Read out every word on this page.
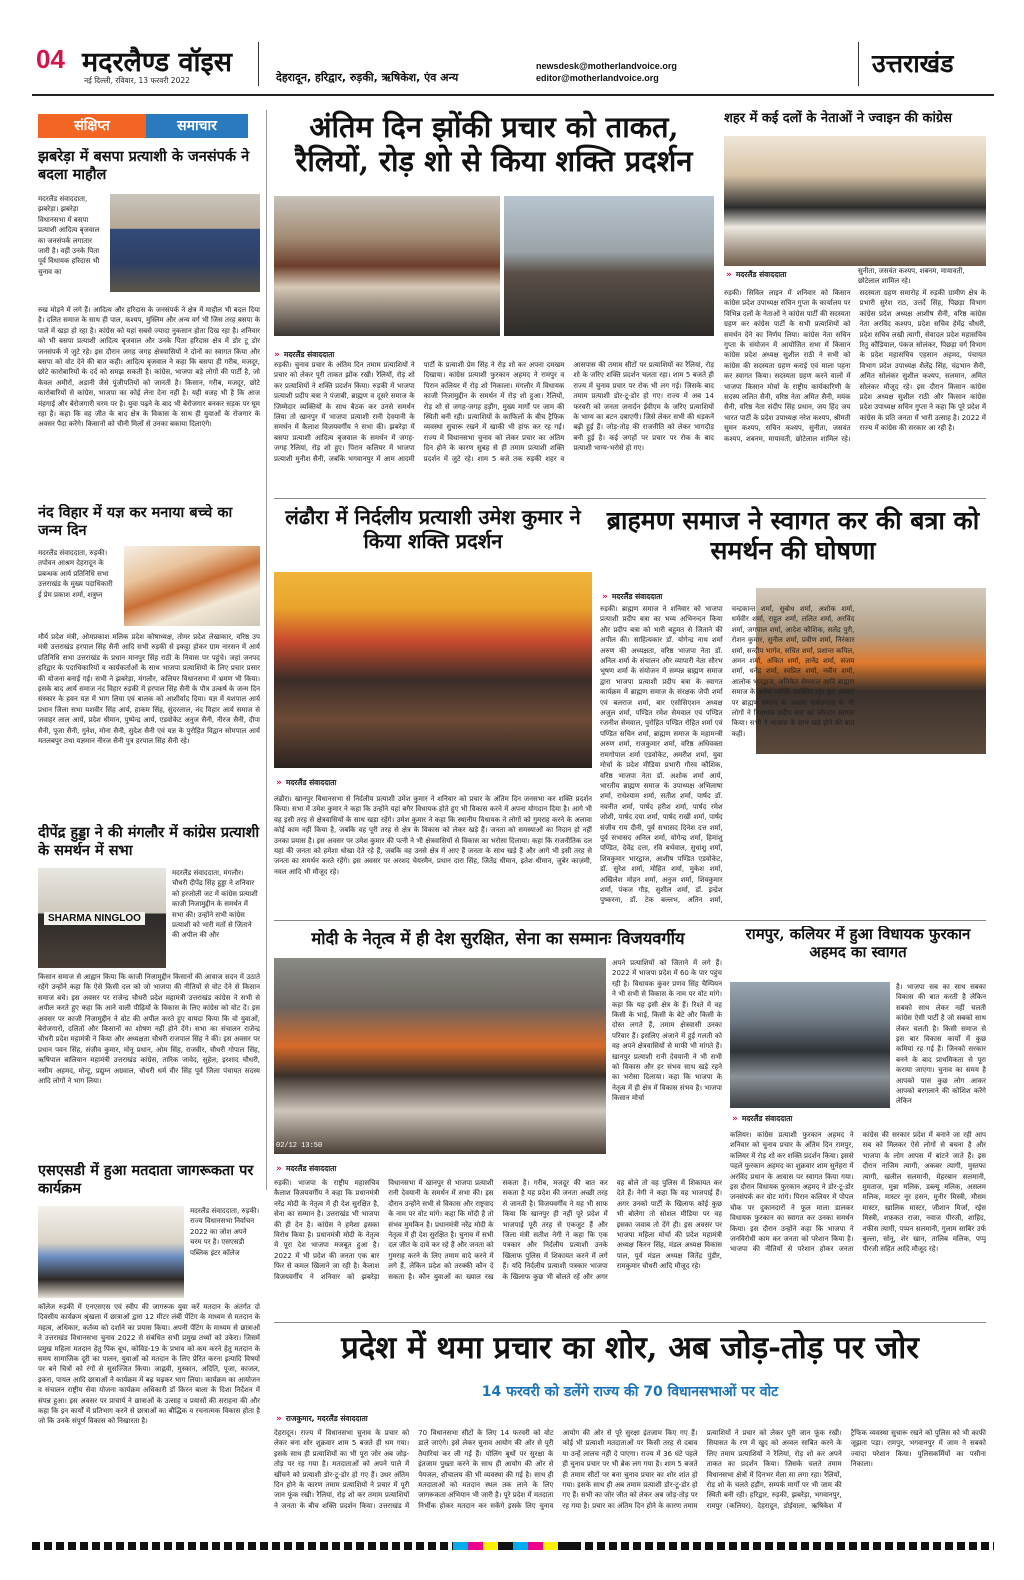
04 मदरलैण्ड वॉइस
नई दिल्ली, रविवार, 13 फरवरी 2022	देहरादून, हरिद्वार, रुड़की, ऋषिकेश, एंव अन्य
newsdesk@motherlandvoice.org
editor@motherlandvoice.org	उत्तराखंड
संक्षिप्त	समाचार
झबरेड़ा में बसपा प्रत्याशी के जनसंपर्क ने बदला माहौल
मदरलैंड संवाददाता, झबरेड़ा। झबरेड़ा विधानसभा में बसपा प्रत्याशी आदित्य बृजवाल का जनसंपर्क लगातार जारी है। वहीं उनके पिता पूर्व विधायक हरिदास भी चुनाव का
रुख मोड़ने में लगे हैं। आदित्य और हरिदास के जनसंपर्क ने क्षेत्र में माहौल भी बदल दिया है। दलित समाज के साथ ही पाल, कश्यप, मुस्लिम और अन्य वर्ग भी जिस तरह बसपा के पाले में खड़ा हो रहा है। कांग्रेस को यहां सबसे ज्यादा नुकसान होता दिख रहा है। शनिवार को भी बसपा प्रत्याशी आदित्य बृजवाल और उनके पिता हरिदास क्षेत्र में डोर टू डोर जनसंपर्क में जुटे रहे। इस दौरान जगह जगह क्षेत्रवासियों ने दोनों का स्वागत किया और बसपा को वोट देने की बात कही। आदित्य बृजवाल ने कहा कि बसपा ही गरीब, मजदूर, छोटे कारोबारियों के दर्द को समझ सकती है। कांग्रेस, भाजपा बड़े लोगों की पार्टी है, जो केवल अमीरों, अडानी जैसे पूंजीपतियों को जानती है। किसान, गरीब, मजदूर, छोटे कारोबारियों से कांग्रेस, भाजपा का कोई लेना देना नहीं है। यही वजह भी है कि आज मंहगाई और बेरोजगारी चरम पर है। युवा पढ़ने के बाद भी बेरोजगार बनकर सड़क पर घूम रहा है। कहा कि वह जीत के बाद क्षेत्र के विकास के साथ ही युवाओं के रोजगार के अवसर पैदा करेंगे। किसानों को चीनी मिलों से उनका बकाया दिलाएंगे।
नंद विहार में यज्ञ कर मनाया बच्चे का जन्म दिन
मदरलैंड संवाददाता, रुड़की। तपोवन आश्रम देहरादून के प्रबन्धक आर्य प्रतिनिधि सभा उत्तराखंड के मुख्य पदाधिकारी ई प्रेम प्रकाश शर्मा, शत्रुघ्न
मौर्य प्रदेश मंत्री, ओमप्रकाश मलिक प्रदेश कोषाध्यक्ष, तोमर प्रदेश लेखाकार, वरिष्ठ उप मंत्री उत्तराखंड हरपाल सिंह सैनी आदि सभी रुड़की से इकट्ठा होकर ग्राम नारसन में आर्य प्रतिनिधि सभा उत्तराखंड के प्रधान मानपुर सिंह राठी के निवास पर पहुंचे। जहां जनपद हरिद्वार के पदाधिकारियों व कार्यकर्ताओं के साथ भाजपा प्रत्याशियों के लिए प्रचार प्रसार की योजना बनाई गई। सभी ने झबरेड़ा, मंगलौर, कलियर विधानसभा में भ्रमण भी किया। इसके बाद आर्य समाज नंद विहार रुड़की में हरपाल सिंह सैनी के पौत्र उत्कर्ष के जन्म दिन संस्कार के हवन यज्ञ में भाग लिया एवं बालक को आशीर्वाद दिया। यज्ञ में यशपाल आर्य प्रधान जिला सभा यशवीर सिंह आर्य, हाकम सिंह, सुंदरलाल, नंद विहार आर्य समाज से जवाहर लाल आर्य, प्रदेश धीमान, पुष्पेन्द्र आर्य, एडवोकेट अनुज सैनी, नीरज सैनी, दीपा सैनी, पूजा सैनी, गुनेश, मोना सैनी, सुदेश सैनी एवं यज्ञ के पुरोहित विद्वान सोमपाल आर्य मतलबपुर तथा यज्ञमान नीरज सैनी पुत्र हरपाल सिंह सैनी रहे।
दीपेंद्र हुड्डा ने की मंगलौर में कांग्रेस प्रत्याशी के समर्थन में सभा
SHARMA NINGLOO
मदरलैंड संवाददाता, मंगलौर। चौधरी दीपेंद्र सिंह हुड्डा ने शनिवार को हरजोली जट में कांग्रेस प्रत्याशी काजी निजामुद्दीन के समर्थन में सभा की। उन्होंने सभी कांग्रेस प्रत्याशी को भारी मतों से जिताने की अपील की और
किसान समाज से आह्वान किया कि काजी निजामुद्दीन किसानों की आवाज सदन में उठाते रहेंगे उन्होंने कहा कि ऐसे किसी दल को जो भाजपा की नीतियों से वोट देने से किसान समाज बचे। इस अवसर पर राजेन्द्र चौधरी प्रदेश महामंत्री उत्तराखंड कांग्रेस ने सभी से अपील करते हुए कहा कि आने वाली पीढ़ियों के विकास के लिए कांग्रेस को वोट दें। इस अवसर पर काजी निजामुद्दीन ने वोट की अपील करते हुए वायदा किया कि वो युवाओं, बेरोजगारों, दलितों और किसानों का शोषण नहीं होने देंगे। सभा का संचालन राजेन्द्र चौधरी प्रदेश महामंत्री ने किया और अध्यक्षता चौधरी राजपाल सिंह ने की। इस अवसर पर प्रधान पवन सिंह, संजीव कुमार, मोनू प्रधान, ओम सिंह, राजवीर, चौधरी गोपाल सिंह, ऋषिपाल बालियान महामंत्री उत्तराखंड कांग्रेस, तारिक जावेद, सुहेल, इरशाद चौधरी, नसीम अहमद, मोन्टू, प्रद्युम्न अग्रवाल, चौधरी धर्म वीर सिंह पूर्व जिला पंचायत सदस्य आदि लोगों ने भाग लिया।
एसएसडी में हुआ मतदाता जागरूकता पर कार्यक्रम
मदरलैंड संवाददाता, रुड़की। राज्य विधानसभा निर्वाचन 2022 का जोश अपने चरम पर है। एसएसडी पब्लिक इंटर कॉलेज
कॉलेज रुड़की में एनएसएस एवं स्वीप की जागरूक युवा करें मतदान के अंतर्गत दो दिवसीय कार्यक्रम श्रृंखला में छात्राओं द्वारा 12 मीटर लंबी पेंटिंग के माध्यम से मतदान के महत्व, अधिकार, कर्तव्य को दर्शाने का प्रयास किया। अपनी पेंटिंग के माध्यम से छात्राओं ने उत्तराखंड विधानसभा चुनाव 2022 से संबंधित सभी प्रमुख तथ्यों को उकेरा। जिसमें प्रमुख महिला मतदान हेतु पिंक बूथ, कोविड-19 के प्रभाव को कम करने हेतु मतदान के समय सामाजिक दूरी का पालन, युवाओं को मतदान के लिए प्रेरित करना इत्यादि विषयों पर बने चित्रों को रंगों से सुसज्जित किया। जाह्नवी, मुस्कान, अदिति, पूजा, काजल, इकरा, पायल आदि छात्राओं ने कार्यक्रम में बढ़ चढ़कर भाग लिया। कार्यक्रम का आयोजन व संचालन राष्ट्रीय सेवा योजना कार्यक्रम अधिकारी डॉ किरन बाला के दिशा निर्देशन में संपन्न हुआ। इस अवसर पर प्राचार्य ने छात्राओं के उत्साह व प्रयासों की सराहना की और कहा कि इन कार्यों में प्रतिभाग करने से छात्राओं का बौद्धिक व रचनात्मक विकास होता है जो कि उनके संपूर्ण विकास को निखारता है।
अंतिम दिन झोंकी प्रचार को ताकत, रैलियों, रोड़ शो से किया शक्ति प्रदर्शन
» मदरलैंड संवाददाता
रुड़की। चुनाव प्रचार के अंतिम दिन तमाम प्रत्याशियों ने प्रचार को लेकर पूरी ताकत झोंक रखी। रैलियों, रोड़ शो कर प्रत्याशियों ने शक्ति प्रदर्शन किया। रुड़की में भाजपा प्रत्याशी प्रदीप बत्रा ने पंजाबी, ब्राह्मण व दूसरे समाज के जिम्मेदार व्यक्तियों के साथ बैठक कर उनसे समर्थन लिया तो खानपुर में भाजपा प्रत्याशी रानी देवयानी के समर्थन में कैलाश विजयवर्गीय ने सभा की। झबरेड़ा में बसपा प्रत्याशी आदित्य बृजवाल के समर्थन में जगह-जगह रैलियां, रोड़ शो हुए। पिरान कलियर में भाजपा प्रत्याशी मुनीश सैनी, जबकि भगवानपुर में आम आदमी पार्टी के प्रत्याशी प्रेम सिंह ने रोड़ शो कर अपना दमखम दिखाया। कांग्रेस प्रत्याशी फुरकान अहमद ने रामपुर व पिरान कलियर में रोड़ शो निकाला। मंगलौर में विधायक काजी निजामुद्दीन के समर्थन में रोड़ शो हुआ। रैलियों, रोड़ शो से जगह-जगह हड़ौंग, मुख्य मार्गों पर जाम की स्थिती बनी रही। प्रत्याशियों के काफिलों के बीच ट्रैफिक व्यवस्था सुचारू रखने में खाकी भी हांफ कर रह गई। राज्य में विधानसभा चुनाव को लेकर प्रचार का अंतिम दिन होने के कारण सुबह से ही तमाम प्रत्याशी शक्ति प्रदर्शन में जुटे रहे। शाम 5 बजे तक रुड़की शहर व आसपास की तमाम सीटों पर प्रत्याशियों का रैलियां, रोड़ शो के जरिए शक्ति प्रदर्शन चलता रहा। शाम 5 बजते ही राज्य में चुनाव प्रचार पर रोक भी लग गई। जिसके बाद तमाम प्रत्याशी डोर-टू-डोर हो गए। राज्य में अब 14 फरवरी को जनता जनार्दन ईवीएम के जरिए प्रत्याशियों के भाग्य का बटन दबाएगी। जिसे लेकर सभी की धड़कनें बढ़ी हुई हैं। जोड़-तोड़ की राजनीति को लेकर भागदौड़ बनी हुई है। कई जगहों पर प्रचार पर रोक के बाद प्रत्याशी भाग्य-भरोसे हो गए।
शहर में कई दलों के नेताओं ने ज्वाइन की कांग्रेस
» मदरलैंड संवाददाता	सुनीता, जसवंत कश्यप, शबनम, मायावती, छोटेलाल शामिल रहे।
रुड़की। सिविल लाइन में शनिवार को किसान कांग्रेस प्रदेश उपाध्यक्ष सचिन गुप्ता के कार्यालय पर विभिन्न दलों के नेताओं ने कांग्रेस पार्टी की सदस्यता ग्रहण कर कांग्रेस पार्टी के सभी प्रत्याशियों को समर्थन देने का निर्णय लिया। कांग्रेस नेता सचिन गुप्ता के संयोजन में आयोजित सभा में किसान कांग्रेस प्रदेश अध्यक्ष सुशील राठी ने सभी को कांग्रेस की सदस्यता ग्रहण कराई एवं माला पहना कर स्वागत किया। सदस्यता ग्रहण करने वालों में भाजपा किसान मोर्चा के राष्ट्रीय कार्यकारिणी के सदस्य ललित सैनी, वरिष्ठ नेता अमित सैनी, मयंक सैनी, वरिष्ठ नेता संदीप सिंह प्रधान, जय हिंद जय भारत पार्टी के प्रदेश उपाध्यक्ष नरेश कश्यप, श्रीमती सुमन कश्यप, सचिन कश्यप, सुनीता, जसवंत कश्यप, शबनम, मायावती, छोटेलाल शामिल रहे। सदस्यता ग्रहण समारोह में रुड़की ग्रामीण क्षेत्र के प्रभारी सुरेश राठ, उत्तर्दे सिंह, पिछड़ा विभाग कांग्रेस प्रदेश अध्यक्ष आशीष सैनी, वरिष्ठ कांग्रेस नेता अरविंद कश्यप, प्रदेश सचिव हेमेंद्र चौधरी, प्रदेश सचिव लखी त्यागी, सेवादल प्रदेश महासचिव रितु कौंडियाल, पंकज सोलंकर, पिछड़ा वर्ग विभाग के प्रदेश महासचिव एहसान अहमद, पंचायत विभाग प्रदेश उपाध्यक्ष शैलेंद्र सिंह, चंद्रभान सैनी, अमित सोलंकर सुशील कश्यप, सलमान, अमित सोलंकर मौजूद रहे। इस दौरान किसान कांग्रेस प्रदेश अध्यक्ष सुशील राठी और किसान कांग्रेस प्रदेश उपाध्यक्ष सचिन गुप्ता ने कहा कि पूरे प्रदेश में कांग्रेस के प्रति जनता में भारी उत्साह है। 2022 में राज्य में कांग्रेस की सरकार आ रही है।
लंढौरा में निर्दलीय प्रत्याशी उमेश कुमार ने किया शक्ति प्रदर्शन
» मदरलैंड संवाददाता
लंढौरा। खानपुर विधानसभा से निर्दलीय प्रत्याशी उमेश कुमार ने शनिवार को प्रचार के अंतिम दिन जनसभा कर शक्ति प्रदर्शन किया। सभा में उमेश कुमार ने कहा कि उन्होंने यहां बगैर विधायक होते हुए भी विकास करने में अपना योगदान दिया है। आगे भी वह इसी तरह से क्षेत्रवासियों के साथ खड़ा रहेंगे। उमेश कुमार ने कहा कि स्थानीय विधायक ने लोगों को गुमराह करने के अलावा कोई काम नहीं किया है, जबकि वह पूरी तरह से क्षेत्र के विकास को लेकर खड़े हैं। जनता को समस्याओं का निदान हो नहीं उनका प्रयास है। इस अवसर पर उमेश कुमार की पत्नी ने भी क्षेत्रवासियों से विकास का भरोसा दिलाया। कहा कि राजनीतिक दल यहां की जनता को हमेशा धोखा देते रहे हैं, जबकि वह उनसे क्षेत्र में आए हैं जनता के साथ खड़े हैं और आगे भी इसी तरह से जनता का समर्थन करते रहेंगे। इस अवसर पर अरशद चेयरमैन, प्रधान दारा सिंह, जितेंद्र धीमान, इतेश धीमान, जुबेर काज़मी, नवल आदि भी मौजूद रहे।
ब्राहमण समाज ने स्वागत कर की बत्रा को समर्थन की घोषणा
» मदरलैंड संवाददाता
रुड़की। ब्राह्मण समाज ने शनिवार को भाजपा प्रत्याशी प्रदीप बत्रा का भव्य अभिनन्दन किया और प्रदीप बत्रा को भारी बहुमत से जिताने की अपील की। साहित्यकार डॉ. योगेन्द्र नाथ शर्मा अरुण की अध्यक्षता, वरिष्ठ भाजपा नेता डॉ. अनिल शर्मा के संचालन और व्यापारी नेता सौरभ भूषण शर्मा के संयोजन में सम्पन्न ब्राह्मण समाज द्वारा भाजपा प्रत्याशी प्रदीप बत्रा के स्वागत कार्यक्रम में ब्राह्मण समाज के संरक्षक जेपी शर्मा एवं बलराज शर्मा, बार एसोसिएशन अध्यक्ष अजुल शर्मा, पण्डित रमेश सेमवाल एवं पण्डित रजनीश सेमवाल, पुरोहित पण्डित रोहित शर्मा एवं पण्डित सचिन शर्मा, ब्राह्मण समाज के महामन्त्री अरुण शर्मा, राजकुमार शर्मा, वरिष्ठ अधिवक्ता रामगोपाल शर्मा एडवोकेट, अमरीश शर्मा, युवा मोर्चा के प्रदेश मीडिया प्रभारी गौरव कौशिक, वरिष्ठ भाजपा नेता डॉ. अशोक शर्मा आर्य, भारतीय ब्राह्मण समाज के उपाध्यक्ष अभिलाषा शर्मा, राधेश्याम शर्मा, सतीश शर्मा, पार्षद डॉ. नवनीत शर्मा, पार्षद हरीश शर्मा, पार्षद रमेश जोशी, पार्षद दया शर्मा, पार्षद राखी शर्मा, पार्षद संजीव राय दीनी, पूर्व सभासद दिनेश दत्त शर्मा, पूर्व सभासद अनिल शर्मा, योगेन्द्र शर्मा, हिमांशु पण्डित, देवेंद्र दत्ता, रवि बर्थवाल, सुधांशु शर्मा, शिवकुमार भारद्वाज, आशीष पण्डित एडवोकेट, डॉ. सुरेश शर्मा, मोहित शर्मा, मुकेश शर्मा, अखिलेश मोहन शर्मा, अनुज शर्मा, शिवकुमार शर्मा, पंकज गौड़, सुशील शर्मा, डॉ. इन्द्रेश पुष्करना, डॉ. टेक बल्लभ, अतिन शर्मा, चन्द्रकान्त शर्मा, सुबोध शर्मा, अशोक शर्मा, धर्मवीर शर्मा, राहुल शर्मा, ललित शर्मा, अरविंद शर्मा, जगपाल शर्मा, आदेश कौशिक, सलेंद्र पुरी, रोशन कुमार, सुनील शर्मा, प्रवीण शर्मा, निरंकार शर्मा, सन्दीप भार्गव, सचित शर्मा, प्रशान्त कपिल, अमन शर्मा, अंकित शर्मा, ज्ञानेंद्र शर्मा, संजय शर्मा, धनेंद्र शर्मा, स्वप्निल शर्मा, नवीन शर्मा, आलोक भारद्वाज, अनिकेत सेमवाल आदि ब्राह्मण समाज के अनेक व्यक्ति उपस्थित रहे। इस अवसर पर ब्राह्मण समाज के अलावा सर्वसमाज के भी लोगों ने विधायक प्रदीप बत्रा का जोरदार स्वागत किया। सभी ने भाजपा के साथ खड़े होने की बात कही।
मोदी के नेतृत्व में ही देश सुरक्षित, सेना का सम्मानः विजयवर्गीय
02/12 13:50
अपने प्रत्याशियों को जिताने में लगे हैं। 2022 में भाजपा प्रदेश में 60 के पार पहुंच रही है। विधायक कुंवर प्रणव सिंह चैम्पियन ने भी सभी से विकास के नाम पर वोट मांगे। कहा कि यह इसी क्षेत्र के हैं। रिश्ते में वह किसी के भाई, किसी के बेटे और किसी के दोस्त लगते हैं, तमाम क्षेत्रवासी उनका परिवार हैं। इसलिए अंजाने में हुई गलती को वह अपने क्षेत्रवासियों से माफी भी मांगते हैं। खानपुर प्रत्याशी रानी देवयानी ने भी सभी को विकास और हर संभव साथ खड़े रहने का भरोसा दिलाया। कहा कि भाजपा के नेतृत्व में ही क्षेत्र में विकास संभव है। भाजपा किसान मोर्चा
» मदरलैंड संवाददाता
रुड़की। भाजपा के राष्ट्रीय महासचिव कैलाश विजयवर्गीय ने कहा कि प्रधानमंत्री नरेंद्र मोदी के नेतृत्व में ही देश सुरक्षित है, सेना का सम्मान है। उत्तराखंड भी भाजपा की ही देन है। कांग्रेस ने हमेशा इसका विरोध किया है। प्रधानमंत्री मोदी के नेतृत्व में पूरा देश भाजपा मजबूत हुआ है। 2022 में भी प्रदेश की जनता एक बार फिर से कमल खिलाने जा रही है। कैलाश विजयवर्गीय ने शनिवार को झबरेड़ा विधानसभा में खानपुर से भाजपा प्रत्याशी रानी देवयानी के समर्थन में सभा की। इस दौरान उन्होंने सभी से विकास और राष्ट्रवाद के नाम पर वोट मांगे। कहा कि मोदी है तो संभव मुमकिन है। प्रधानमंत्री नरेंद्र मोदी के नेतृत्व में ही देश सुरक्षित है। चुनाव में सभी दल जीत के दावे कर रहे हैं और जनता को गुमराह करने के लिए तमाम वादे करने में लगे हैं, लेकिन प्रदेश को तरक्की कौन दे सकता है। कौन युवाओं का ख्याल रख सकता है। गरीब, मजदूर की बात कर सकता है यह प्रदेश की जनता अच्छी तरह से जानती है। विजयवर्गीय ने यह भी साफ किया कि खानपुर ही नहीं पूरे प्रदेश में भाजपाई पूरी तरह से एकजुट हैं और जिला मंत्री सतीश नेगी ने कहा कि एक पत्रकार और निर्दलीय प्रत्याशी उनके खिलाफ पुलिस में शिकायत करने में लगे हैं। यदि निर्दलीय प्रत्याशी पत्रकार भाजपा के खिलाफ कुछ भी बोलते रहें और अगर वह बोले तो वह पुलिस में शिकायत कर देते हैं। नेगी ने कहा कि यह भाजपाई हैं। अगर उनको पार्टी के खिलाफ कोई कुछ भी बोलेगा तो सोशल मीडिया पर वह इसका जवाब तो देंगे ही। इस अवसर पर भाजपा महिला मोर्चा की प्रदेश महामंत्री अध्यक्ष किरन सिंह, मंडल अध्यक्ष विकास पाल, पूर्व मंडल अध्यक्ष जितेंद्र पुंडीर, रामकुमार चौधरी आदि मौजूद रहे।
रामपुर, कलियर में हुआ विधायक फुरकान अहमद का स्वागत
है। भाजपा सब का साथ सबका विकास की बात करती है लेकिन सबको साथ लेकर नहीं चलती कांग्रेस ऐसी पार्टी है जो सबको साथ लेकर चलती है। किसी समाज से इस बार विकास कार्यों में कुछ कमियां रह गई हैं। जिनको सरकार बनने के बाद प्राथमिकता से पूरा कराया जाएगा। चुनाव का समय है आपको पास कुछ लोग आकर आपको बरगलाने की कोशिश करेंगे लेकिन
» मदरलैंड संवाददाता
कलियर। कांग्रेस प्रत्याशी फुरकान अहमद ने शनिवार को चुनाव प्रचार के अंतिम दिन रामपुर, कलियर में रोड़ शो कर शक्ति प्रदर्शन किया। इससे पहले फुरकान अहमद का शुक्रवार शाम सुनेहरा में अरविंद प्रधान के आवास पर स्वागत किया गया। इस दौरान विधायक फुरकान अहमद ने डोर-टू-डोर जनसंपर्क कर वोट मांगे। पिरान कलियर में पोपल चौक पर दुकानदारों ने फूल माला डालकर विधायक फुरकान का स्वागत कर उनका समर्थन किया। इस दौरान उन्होंने कहा कि भाजपा ने जनविरोधी काम कर जनता को परेशान किया है। भाजपा की नीतियों से परेशान होकर जनता कांग्रेस की सरकार प्रदेश में बनाने जा रही आप सब को मिलकर ऐसे लोगों से बचना है और भाजपा के लोग आपस में बांटने जाते हैं। इस दौरान नाजिम त्यागी, अकबर त्यागी, मुस्तफा त्यागी, खलील सलमानी, मेहरबान सलमानी, मुमताज, मुन्ना मलिक, डब्ल्यू मलिक, असलम मलिक, मास्टर नूर हसन, मुनीर मिस्त्री, मौसम मास्टर, खालिक मास्टर, जीशान मिर्जा, रईस मिस्त्री, शफ़कत राजा, नवाज पीरजी, शाहिद, नफीस त्यागी, पप्पन सलमानी, गुलाम साबिर उर्फ बुल्ला, सोनू, शेर खान, तालिब मलिक, पप्पू पीरजी सहित आदि मौजूद रहे।
प्रदेश में थमा प्रचार का शोर, अब जोड़-तोड़ पर जोर
14 फरवरी को डलेंगे राज्य की 70 विधानसभाओं पर वोट
» राजकुमार, मदरलैंड संवाददाता
देहरादून। राज्य में विधानसभा चुनाव के प्रचार को लेकर बना शोर शुक्रवार शाम 5 बजते ही थम गया। इसके साथ ही प्रत्याशियों का भी पूरा जोर अब जोड़-तोड़ पर रह गया है। मतदाताओं को अपने पाले में खींचने को प्रत्याशी डोर-टू-डोर हो गए हैं। उधर अंतिम दिन होने के कारण तमाम प्रत्याशियों ने प्रचार में पूरी जान फूंक रखी। रैलियां, रोड़ शो कर तमाम प्रत्याशियों ने जनता के बीच शक्ति प्रदर्शन किया। उत्तराखंड में 70 विधानसभा सीटों के लिए 14 फरवरी को वोट डाले जाएंगे। इसे लेकर चुनाव आयोग की ओर से पूरी तैयारियां कर ली गई हैं। पोलिंग बूथों पर सुरक्षा के इंतजाम पुख्ता करने के साथ ही आयोग की ओर से पेयजल, शौचालय की भी व्यवस्था की गई है। साथ ही मतदाताओं को मतदान स्थल तक लाने के लिए जागरूकता अभियान भी जारी है। पूरे प्रदेश में मतदाता निर्भीक होकर मतदान कर सकेंगे इसके लिए चुनाव आयोग की ओर से पूरे सुरक्षा इंतजाम किए गए हैं। कोई भी प्रत्याशी मतदाताओं पर किसी तरह से दबाव या उन्हें लालच नहीं दे पाएगा। राज्य में 36 घंटे पहले ही चुनाव प्रचार पर भी ब्रेक लग गया है। शाम 5 बजते ही तमाम सीटों पर बना चुनाव प्रचार का शोर शांत हो गया। इसके साथ ही अब तमाम प्रत्याशी डोर-टू-डोर हो गए हैं। सभी का जोर जीत को लेकर अब जोड़-तोड़ पर रह गया है। प्रचार का अंतिम दिन होने के कारण तमाम प्रत्याशियों ने प्रचार को लेकर पूरी जान फूंक रखी। सियासत के रण में खुद को अव्वल साबित करने के लिए तमाम प्रत्याशियों ने रैलियां, रोड़ शो कर अपने ताकत का प्रदर्शन किया। जिसके चलते तमाम विधानसभा क्षेत्रों में दिनभर मेला सा लगा रहा। रैलियों, रोड़ शो के चलते हड़ौंग, सम्पर्क मार्गों पर भी जाम की स्थिती बनी रही। हरिद्वार, रुड़की, झबरेड़ा, भगवानपुर, रामपुर (कलियर), देहरादून, डोईवाला, ऋषिकेश में ट्रैफिक व्यवस्था सुचारू रखने को पुलिस को भी काफी जूझना पड़ा। रामपुर, भगवानपुर में जाम ने सबको ज्यादा परेशान किया। पुलिसकर्मियों का पसीना निकाला।
